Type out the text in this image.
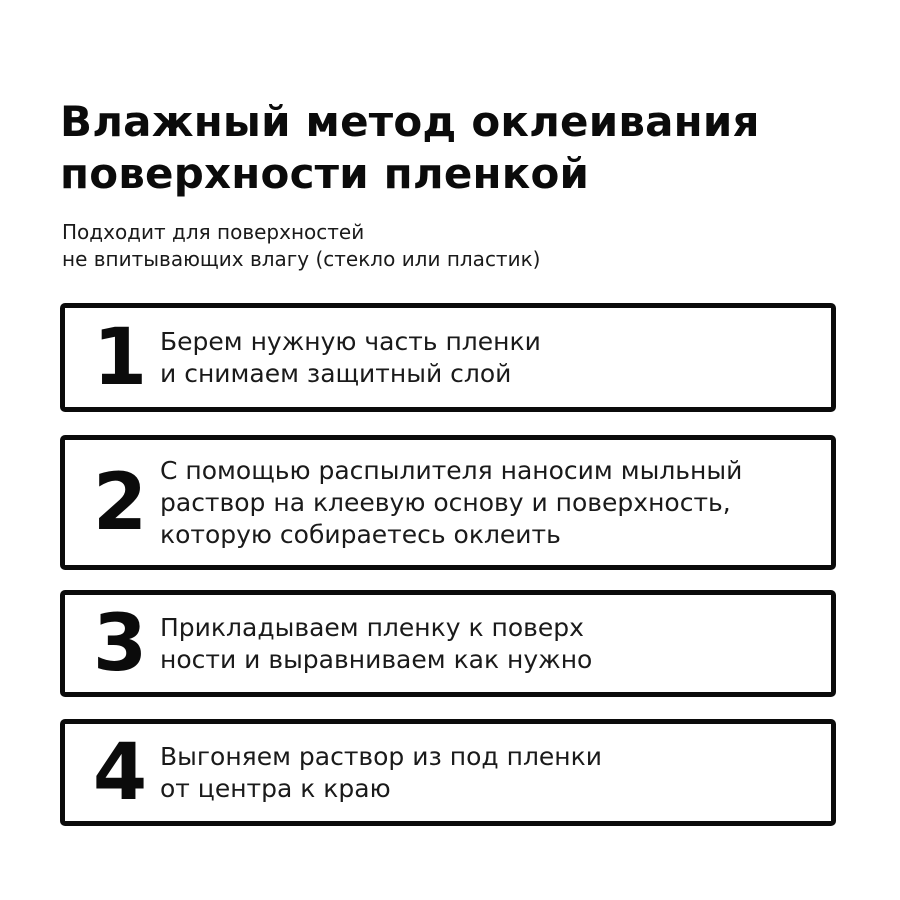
Влажный метод оклеивания
поверхности пленкой

Подходит для поверхностей
не впитывающих влагу (стекло или пластик)

1 Берем нужную часть пленки
и снимаем защитный слой
2 С помощью распылителя наносим мыльный
раствор на клеевую основу и поверхность,
которую собираетесь оклеить
3 Прикладываем пленку к поверх
ности и выравниваем как нужно
4 Выгоняем раствор из под пленки
от центра к краю
